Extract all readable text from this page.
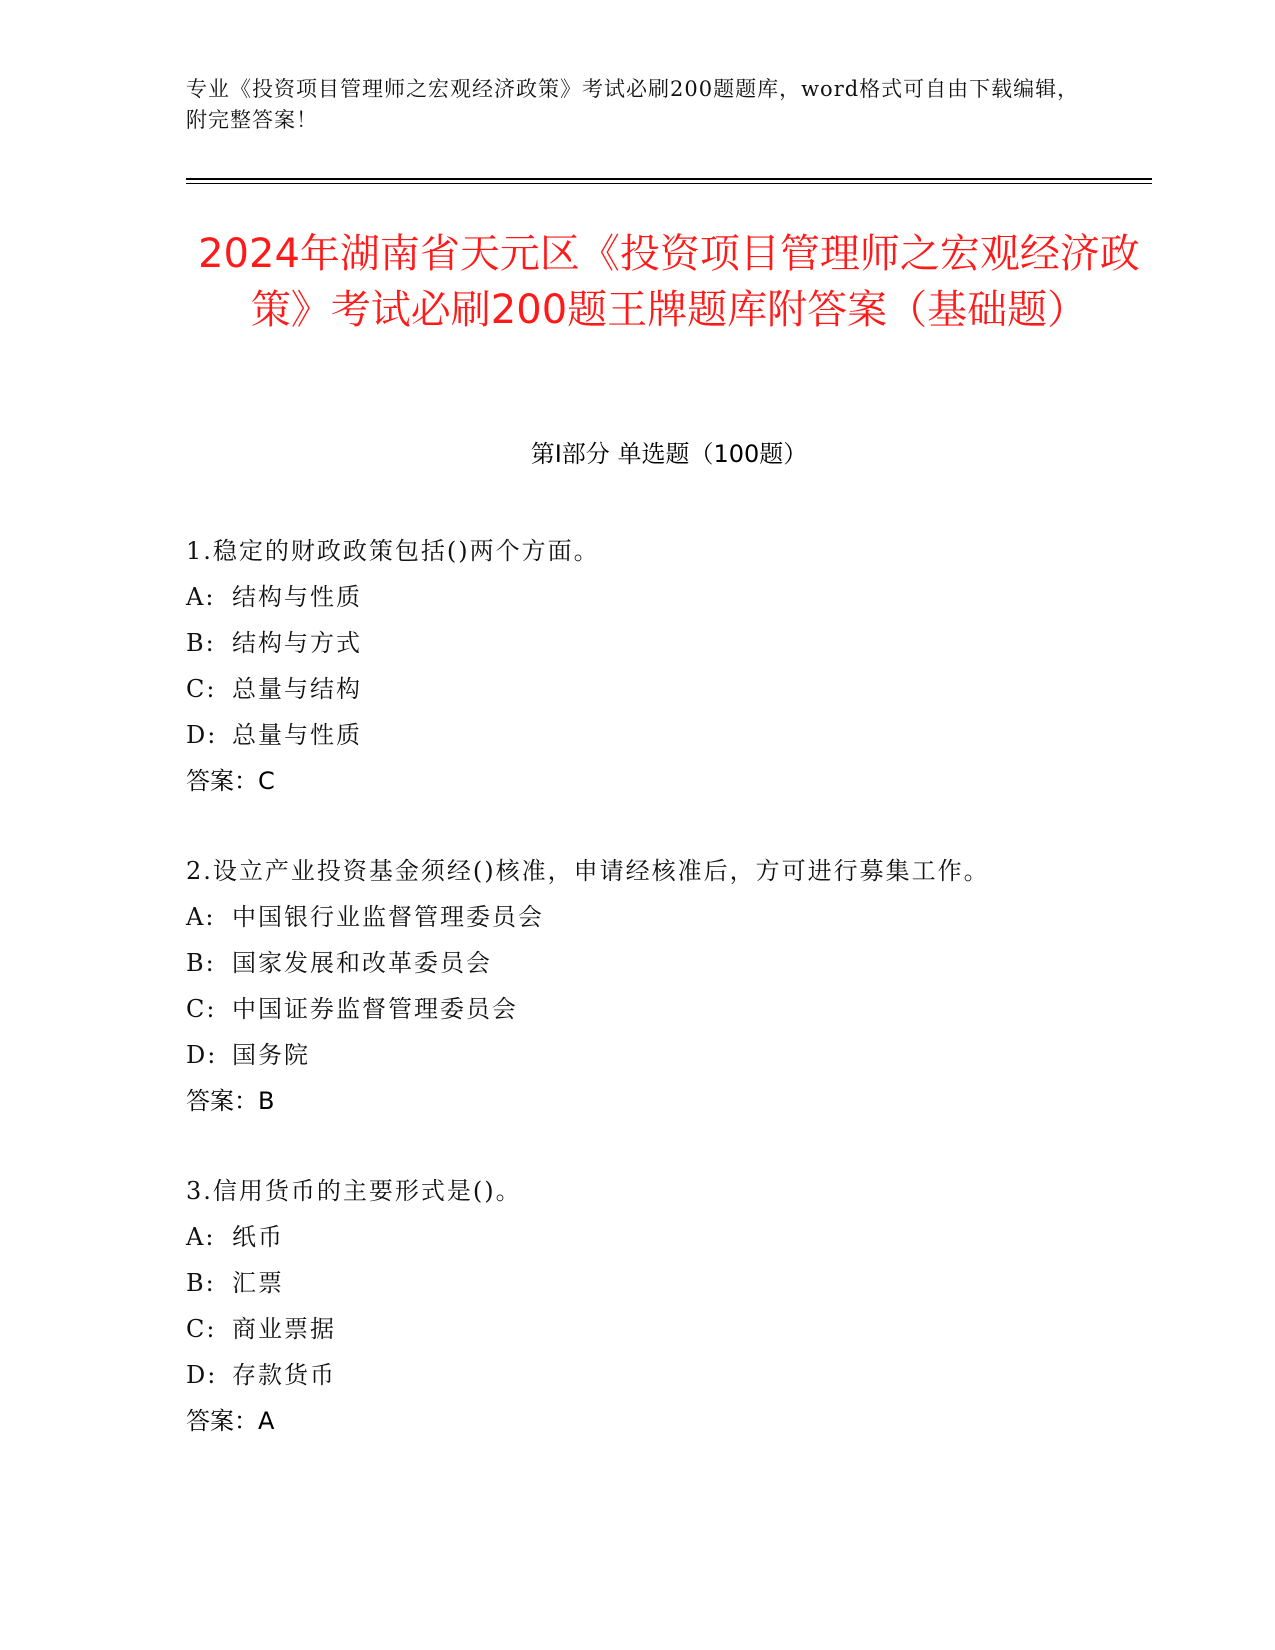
专业《投资项目管理师之宏观经济政策》考试必刷200题题库，word格式可自由下载编辑，附完整答案！
2024年湖南省天元区《投资项目管理师之宏观经济政策》考试必刷200题王牌题库附答案（基础题）
第I部分 单选题（100题）
1.稳定的财政政策包括()两个方面。
A: 结构与性质
B: 结构与方式
C: 总量与结构
D: 总量与性质
答案：C
2.设立产业投资基金须经()核准，申请经核准后，方可进行募集工作。
A: 中国银行业监督管理委员会
B: 国家发展和改革委员会
C: 中国证券监督管理委员会
D: 国务院
答案：B
3.信用货币的主要形式是()。
A: 纸币
B: 汇票
C: 商业票据
D: 存款货币
答案：A
